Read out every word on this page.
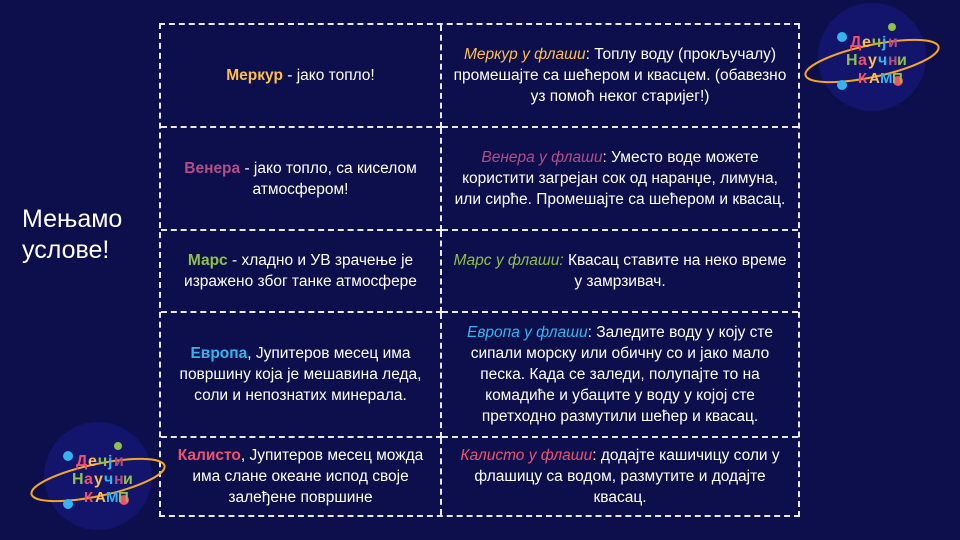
Мењамо услове!

Меркур - јако топло!

Меркур у флаши: Топлу воду (прокључалу) промешајте са шећером и квасцем. (обавезно уз помоћ неког старијег!)

Венера - јако топло, са киселом атмосфером!

Венера у флаши: Уместо воде можете користити загрејан сок од наранџе, лимуна, или сирће. Промешајте са шећером и квасац.

Марс - хладно и УВ зрачење је изражено због танке атмосфере

Марс у флаши: Квасац ставите на неко време у замрзивач.

Европа, Јупитеров месец има површину која је мешавина леда, соли и непознатих минерала.

Европа у флаши: Заледите воду у коју сте сипали морску или обичну со и јако мало песка. Када се заледи, полупајте то на комадиће и убаците у воду у којој сте претходно размутили шећер и квасац.

Калисто, Јупитеров месец можда има слане океане испод своје залеђене површине

Калисто у флаши: додајте кашичицу соли у флашицу са водом, размутите и додајте квасац.

Д е ч ј и
Н а у ч н и
К А М П
Д е ч ј и
Н а у ч н и
К А М П
